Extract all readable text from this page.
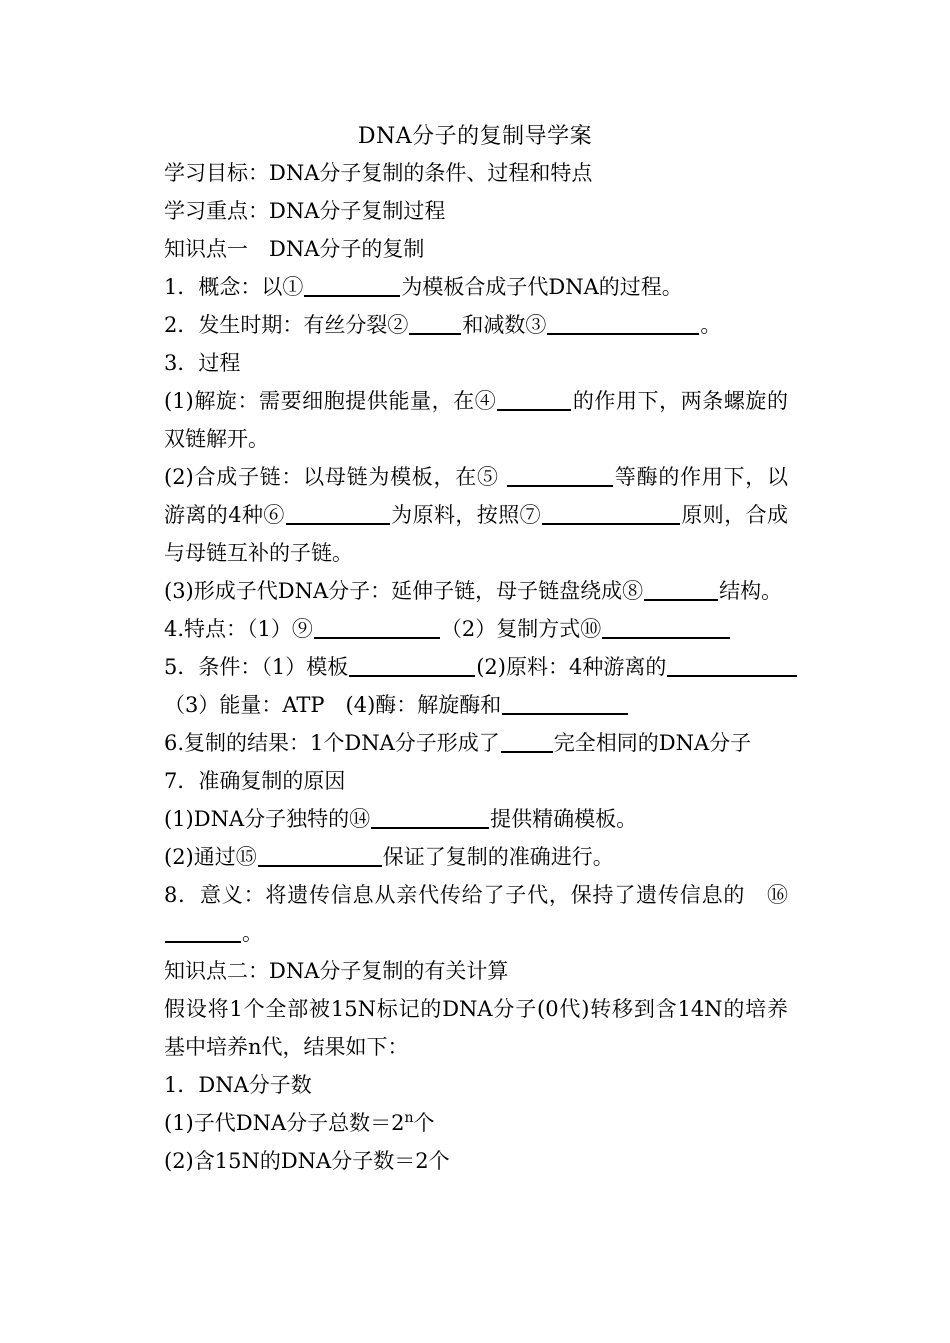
DNA分子的复制导学案
学习目标：DNA分子复制的条件、过程和特点
学习重点：DNA分子复制过程
知识点一　DNA分子的复制
1．概念：以①	为模板合成子代DNA的过程。
2．发生时期：有丝分裂②	和减数③	。
3．过程
(1)解旋：需要细胞提供能量，在④	的作用下，两条螺旋的双链解开。
(2)合成子链：以母链为模板，在⑤	等酶的作用下，以游离的4种⑥	为原料，按照⑦	原则，合成与母链互补的子链。
(3)形成子代DNA分子：延伸子链，母子链盘绕成⑧	结构。
4.特点：（1）⑨	（2）复制方式⑩
5．条件：（1）模板	(2)原料：4种游离的
（3）能量：ATP　(4)酶：解旋酶和
6.复制的结果：1个DNA分子形成了	完全相同的DNA分子
7．准确复制的原因
(1)DNA分子独特的⑭	提供精确模板。
(2)通过⑮	保证了复制的准确进行。
8．意义：将遗传信息从亲代传给了子代，保持了遗传信息的　⑯。
知识点二：DNA分子复制的有关计算
假设将1个全部被15N标记的DNA分子(0代)转移到含14N的培养基中培养n代，结果如下：
1．DNA分子数
(1)子代DNA分子总数$=2^n$个
(2)含15N的DNA分子数＝2个
